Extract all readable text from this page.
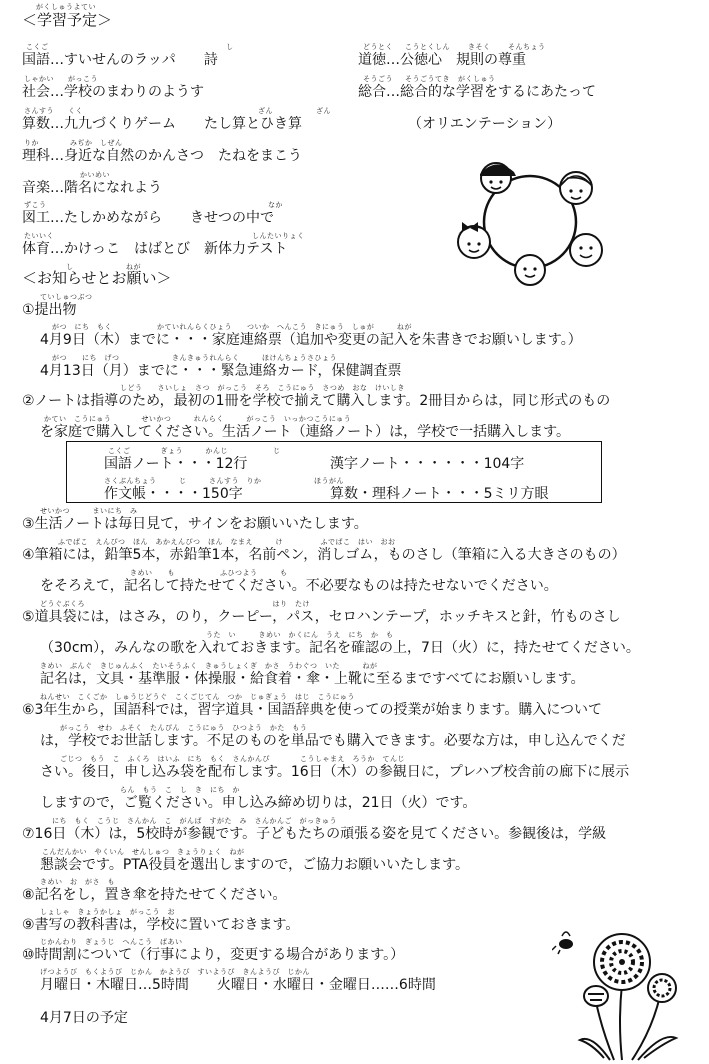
がくしゅうよてい
＜学習予定＞
こくご	し
国語…すいせんのラッパ　　詩
どうとく こうとくしん	きそく	そんちょう
道徳…公徳心　規則の尊重
しゃかい がっこう
社会…学校のまわりのようす
そうごう そうごうてき がくしゅう
総合…総合的な学習をするにあたって
さんすう くく	ざん	ざん
算数…九九づくりゲーム　　たし算とひき算	（オリエンテーション）
りか	みぢか しぜん
理科…身近な自然のかんさつ　たねをまこう
かいめい
音楽…階名になれよう
ずこう	なか
図工…たしかめながら　　きせつの中で
たいいく	しんたいりょく
体育…かけっこ　はばとび　新体力テスト
し　　　　　　　ねが
＜お知らせとお願い＞
ていしゅつぶつ
①提出物
がつ　にち　もく　　　　　　かていれんらくひょう　　ついか　へんこう　きにゅう　しゅが　　　ねが
4月9日（木）までに・・・家庭連絡票（追加や変更の記入を朱書きでお願いします。）
がつ　　にち　げつ　　　　　　　きんきゅうれんらく　　　ほけんちょうさひょう
4月13日（月）までに・・・緊急連絡カード，保健調査票
しどう　　さいしょ　さつ　がっこう　そろ　こうにゅう　さつめ　おな　けいしき
②ノートは指導のため，最初の1冊を学校で揃えて購入します。2冊目からは，同じ形式のもの
かてい　こうにゅう　　　　せいかつ　　　れんらく　　　がっこう　いっかつこうにゅう
を家庭で購入してください。生活ノート（連絡ノート）は，学校で一括購入します。
こくご　　　　ぎょう　　　かんじ　　　　　　じ
国語ノート・・・12行	漢字ノート・・・・・・104字
さくぶんちょう　　　じ　　　さんすう　りか　　　　　　　ほうがん
作文帳・・・・150字	算数・理科ノート・・・5ミリ方眼
せいかつ　　　まいにち　み
③生活ノートは毎日見て，サインをお願いいたします。
ふでばこ　えんぴつ　ほん　あかえんぴつ　ほん　なまえ　　　け　　　　　ふでばこ　はい　おお
④筆箱には，鉛筆5本，赤鉛筆1本，名前ペン，消しゴム，ものさし（筆箱に入る大きさのもの）
きめい　　も　　　　　　ふひつよう　　　も
をそろえて，記名して持たせてください。不必要なものは持たせないでください。
どうぐぶくろ　　　　　　　　　　　　　　　　　　　　　　　　　はり　たけ
⑤道具袋には，はさみ，のり，クーピー，パス，セロハンテープ，ホッチキスと針，竹ものさし
うた　い　　　きめい　かくにん　うえ　にち　か　も
（30cm），みんなの歌を入れておきます。記名を確認の上，7日（火）に，持たせてください。
きめい　ぶんぐ　きじゅんふく　たいそうふく　きゅうしょくぎ　かさ　うわぐつ　いた　　　ねが
記名は，文具・基準服・体操服・給食着・傘・上靴に至るまですべてにお願いします。
ねんせい　こくごか　しゅうじどうぐ　こくごじてん　つか　じゅぎょう　はじ　こうにゅう
⑥3年生から，国語科では，習字道具・国語辞典を使っての授業が始まります。購入について
がっこう　せわ　ふそく　たんぴん　こうにゅう　ひつよう　かた　もう
は，学校でお世話します。不足のものを単品でも購入できます。必要な方は，申し込んでくだ
ごじつ　もう　こ　ふくろ　はいふ　にち　もく　さんかんび　　　　こうしゃまえ　ろうか　てんじ
さい。後日，申し込み袋を配布します。16日（木）の参観日に，プレハブ校舎前の廊下に展示
らん　もう　こ　し　き　にち　か
しますので，ご覧ください。申し込み締め切りは，21日（火）です。
にち　もく　こうじ　さんかん　こ　がんば　すがた　み　さんかんご　がっきゅう
⑦16日（木）は，5校時が参観です。子どもたちの頑張る姿を見てください。参観後は，学級
こんだんかい　やくいん　せんしゅつ　きょうりょく　ねが
懇談会です。PTA役員を選出しますので，ご協力お願いいたします。
きめい　お　がさ　も
⑧記名をし，置き傘を持たせてください。
しょしゃ　きょうかしょ　がっこう　お
⑨書写の教科書は，学校に置いておきます。
じかんわり　ぎょうじ　へんこう　ばあい
⑩時間割について（行事により，変更する場合があります。）
げつようび　もくようび　じかん　かようび　すいようび　きんようび　じかん
月曜日・木曜日…5時間　　火曜日・水曜日・金曜日……6時間
4月7日の予定
